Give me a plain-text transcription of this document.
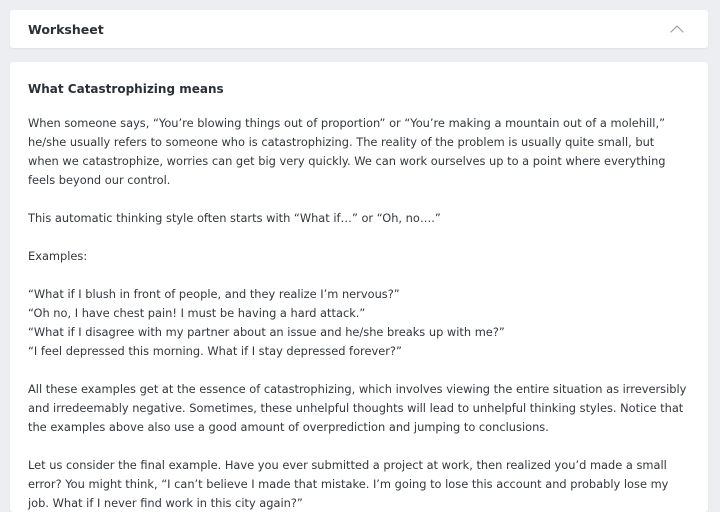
Worksheet
What Catastrophizing means

When someone says, “You’re blowing things out of proportion” or “You’re making a mountain out of a molehill,” he/she usually refers to someone who is catastrophizing. The reality of the problem is usually quite small, but when we catastrophize, worries can get big very quickly. We can work ourselves up to a point where everything feels beyond our control.

This automatic thinking style often starts with “What if…” or “Oh, no….”

Examples:

“What if I blush in front of people, and they realize I’m nervous?”
“Oh no, I have chest pain! I must be having a hard attack.”
“What if I disagree with my partner about an issue and he/she breaks up with me?”
“I feel depressed this morning. What if I stay depressed forever?”

All these examples get at the essence of catastrophizing, which involves viewing the entire situation as irreversibly and irredeemably negative. Sometimes, these unhelpful thoughts will lead to unhelpful thinking styles. Notice that the examples above also use a good amount of overprediction and jumping to conclusions.

Let us consider the final example. Have you ever submitted a project at work, then realized you’d made a small error? You might think, “I can’t believe I made that mistake. I’m going to lose this account and probably lose my job. What if I never find work in this city again?”
